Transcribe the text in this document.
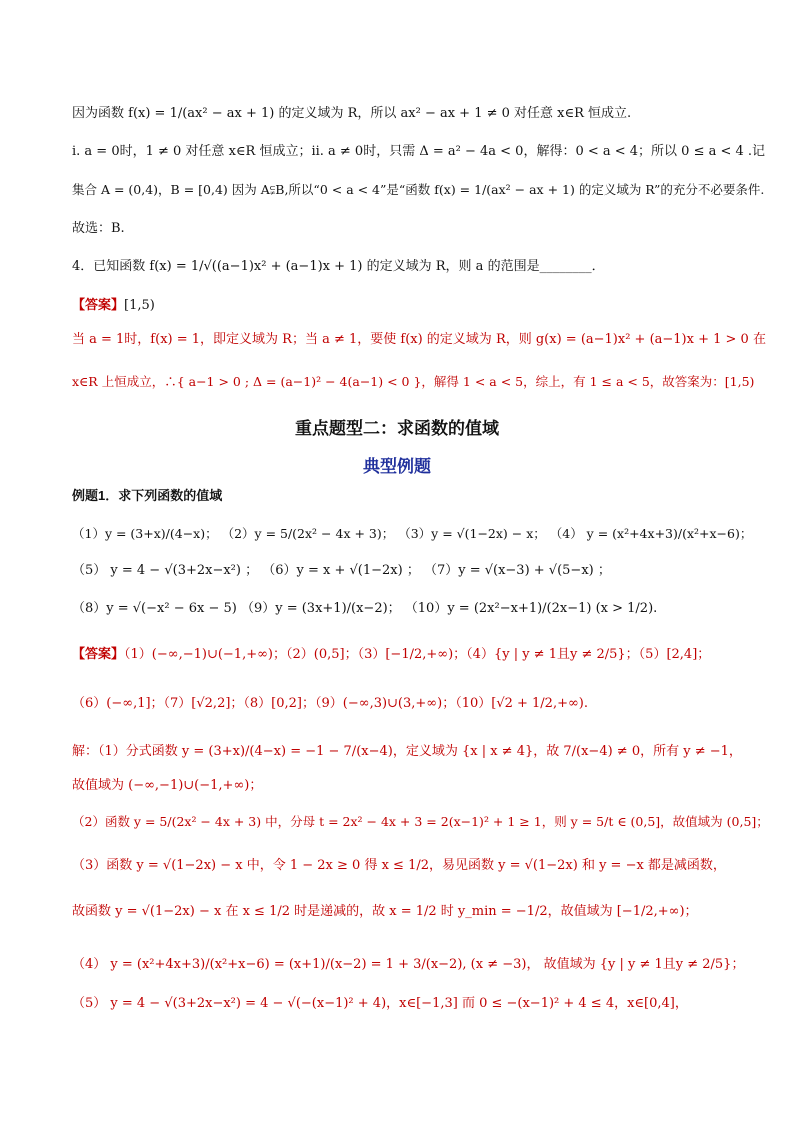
因为函数 f(x) = 1/(ax² − ax + 1) 的定义域为 R，所以 ax² − ax + 1 ≠ 0 对任意 x∈R 恒成立.
i. a = 0时，1 ≠ 0 对任意 x∈R 恒成立；ii. a ≠ 0时，只需 Δ = a² − 4a < 0，解得：0 < a < 4；所以 0 ≤ a < 4 .记
集合 A = (0,4)，B = [0,4) 因为 A⫋B,所以“0 < a < 4”是“函数 f(x) = 1/(ax² − ax + 1) 的定义域为 R”的充分不必要条件.
故选：B.
4．已知函数 f(x) = 1/√((a−1)x² + (a−1)x + 1) 的定义域为 R，则 a 的范围是________．
【答案】[1,5)
当 a = 1时，f(x) = 1，即定义域为 R；当 a ≠ 1，要使 f(x) 的定义域为 R，则 g(x) = (a−1)x² + (a−1)x + 1 > 0 在
x∈R 上恒成立，∴{ a−1 > 0 ; Δ = (a−1)² − 4(a−1) < 0 }，解得 1 < a < 5，综上，有 1 ≤ a < 5，故答案为：[1,5)
重点题型二：求函数的值域
典型例题
例题1．求下列函数的值域
（1）y = (3+x)/(4−x)； （2）y = 5/(2x² − 4x + 3)； （3）y = √(1−2x) − x； （4） y = (x²+4x+3)/(x²+x−6)；
（5） y = 4 − √(3+2x−x²) ； （6）y = x + √(1−2x) ； （7）y = √(x−3) + √(5−x) ；
（8）y = √(−x² − 6x − 5) （9）y = (3x+1)/(x−2)； （10）y = (2x²−x+1)/(2x−1) (x > 1/2).
【答案】（1）(−∞,−1)∪(−1,+∞)；（2）(0,5]；（3）[−1/2,+∞)；（4）{y | y ≠ 1且y ≠ 2/5}；（5）[2,4]；
（6）(−∞,1]；（7）[√2,2]；（8）[0,2]；（9）(−∞,3)∪(3,+∞)；（10）[√2 + 1/2,+∞).
解：（1）分式函数 y = (3+x)/(4−x) = −1 − 7/(x−4)，定义域为 {x | x ≠ 4}，故 7/(x−4) ≠ 0，所有 y ≠ −1，
故值域为 (−∞,−1)∪(−1,+∞)；
（2）函数 y = 5/(2x² − 4x + 3) 中，分母 t = 2x² − 4x + 3 = 2(x−1)² + 1 ≥ 1，则 y = 5/t ∈ (0,5]，故值域为 (0,5]；
（3）函数 y = √(1−2x) − x 中，令 1 − 2x ≥ 0 得 x ≤ 1/2，易见函数 y = √(1−2x) 和 y = −x 都是减函数，
故函数 y = √(1−2x) − x 在 x ≤ 1/2 时是递减的，故 x = 1/2 时 y_min = −1/2，故值域为 [−1/2,+∞)；
（4） y = (x²+4x+3)/(x²+x−6) = (x+1)/(x−2) = 1 + 3/(x−2), (x ≠ −3)， 故值域为 {y | y ≠ 1且y ≠ 2/5}；
（5） y = 4 − √(3+2x−x²) = 4 − √(−(x−1)² + 4)，x∈[−1,3] 而 0 ≤ −(x−1)² + 4 ≤ 4，x∈[0,4]，
